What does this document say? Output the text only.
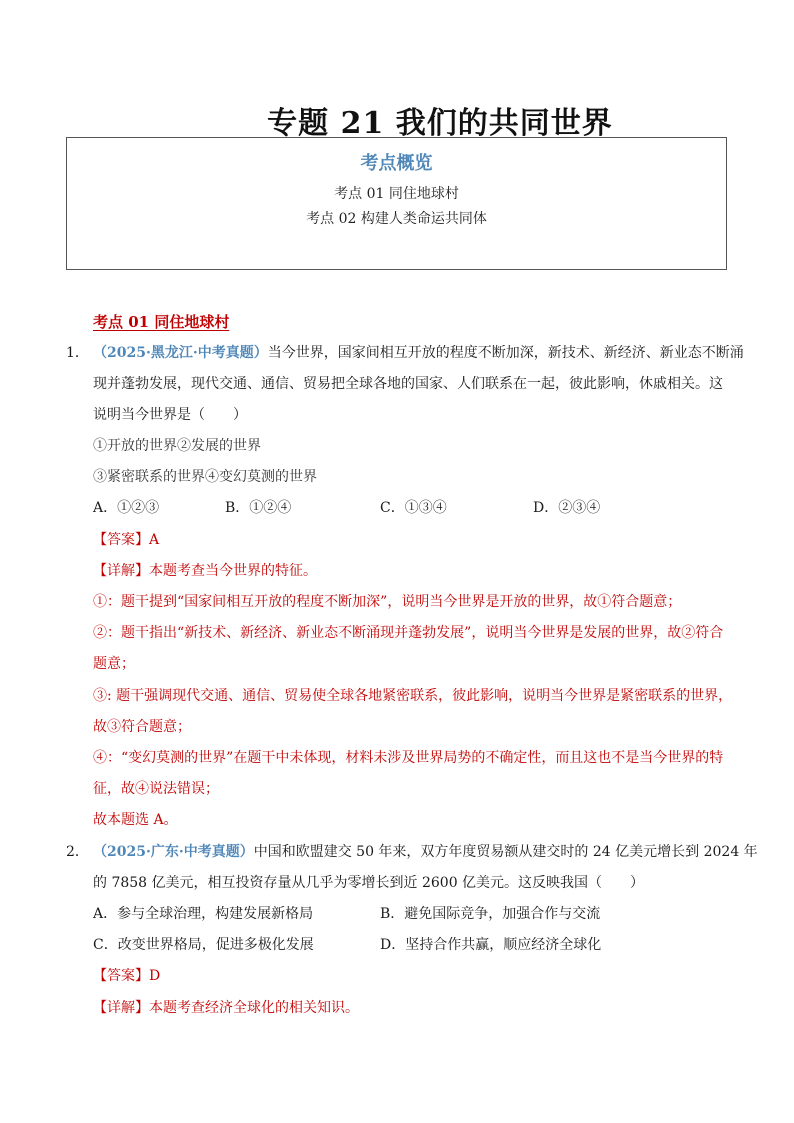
专题 21 我们的共同世界
考点概览
考点 01 同住地球村
考点 02 构建人类命运共同体
考点 01 同住地球村
1． （2025·黑龙江·中考真题）当今世界，国家间相互开放的程度不断加深，新技术、新经济、新业态不断涌
现并蓬勃发展，现代交通、通信、贸易把全球各地的国家、人们联系在一起，彼此影响，休戚相关。这
说明当今世界是（　　）
①开放的世界②发展的世界
③紧密联系的世界④变幻莫测的世界
A．①②③	B．①②④	C．①③④	D．②③④
【答案】A
【详解】本题考查当今世界的特征。
①：题干提到“国家间相互开放的程度不断加深”，说明当今世界是开放的世界，故①符合题意；
②：题干指出“新技术、新经济、新业态不断涌现并蓬勃发展”，说明当今世界是发展的世界，故②符合
题意；
③: 题干强调现代交通、通信、贸易使全球各地紧密联系，彼此影响，说明当今世界是紧密联系的世界，
故③符合题意；
④：“变幻莫测的世界”在题干中未体现，材料未涉及世界局势的不确定性，而且这也不是当今世界的特
征，故④说法错误；
故本题选 A。
2． （2025·广东·中考真题）中国和欧盟建交 50 年来，双方年度贸易额从建交时的 24 亿美元增长到 2024 年
的 7858 亿美元，相互投资存量从几乎为零增长到近 2600 亿美元。这反映我国（　　）
A．参与全球治理，构建发展新格局	B．避免国际竞争，加强合作与交流
C．改变世界格局，促进多极化发展	D．坚持合作共赢，顺应经济全球化
【答案】D
【详解】本题考查经济全球化的相关知识。
